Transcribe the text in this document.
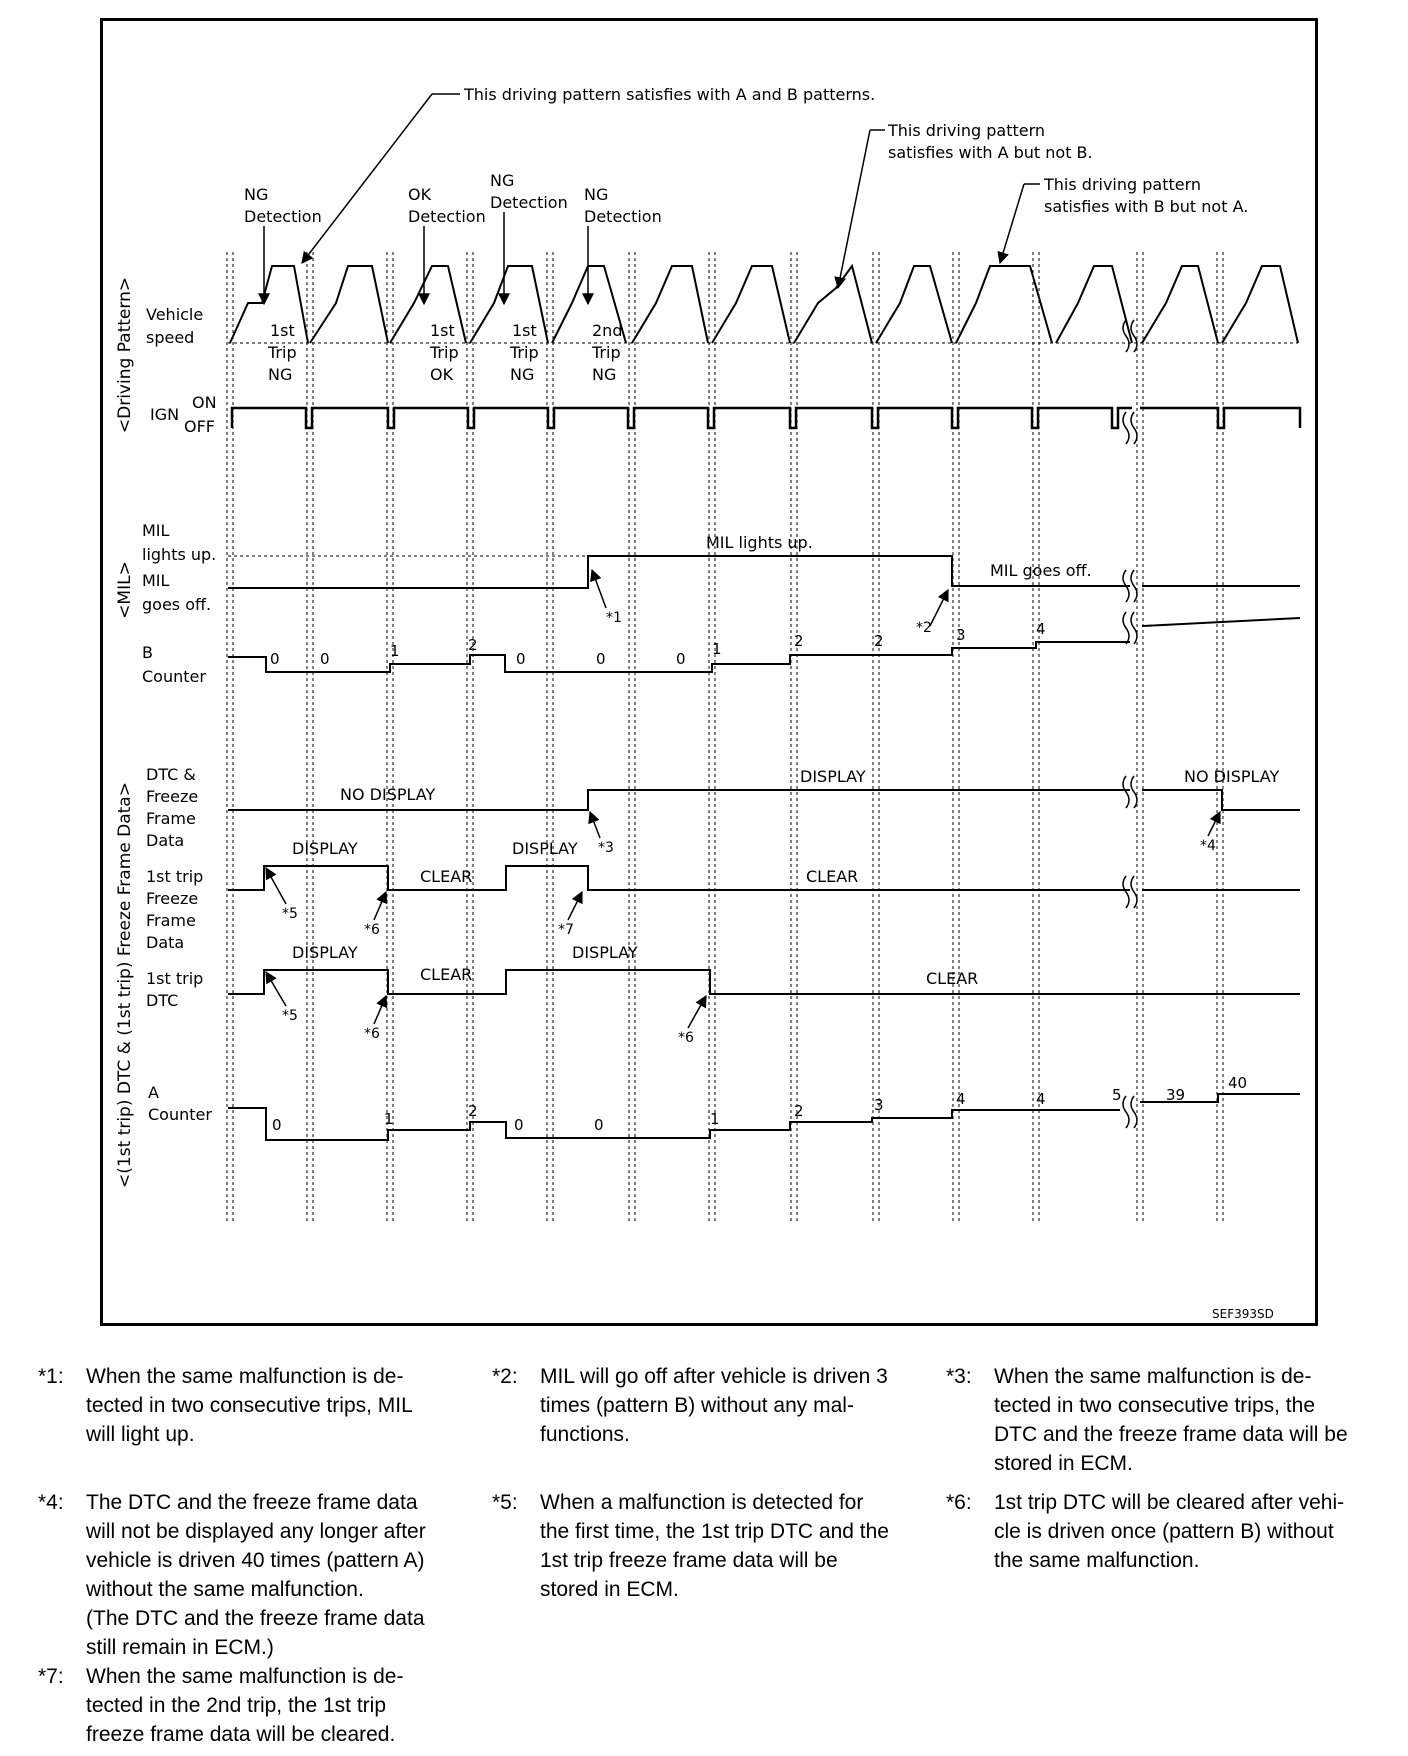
This driving pattern satisfies with A and B patterns.
This driving pattern
satisfies with A but not B.
This driving pattern
satisfies with B but not A.
NG
Detection
OK
Detection
NG
Detection NG
Detection
<Driving Pattern>
<MIL>
<(1st trip) DTC & (1st trip) Freeze Frame Data>
Vehicle
speed
IGN
ON
OFF
MIL
lights up.
MIL
goes off.
B
Counter
DTC &
Freeze
Frame
Data
1st trip
Freeze
Frame
Data
1st trip
DTC
A
Counter
1st
Trip
NG
1st
Trip
OK
1st
Trip
NG
2nd
Trip
NG
MIL lights up.
MIL goes off.
0	0	1	2
0	0	0
1	2	2	3	4
NO DISPLAY
DISPLAY	NO DISPLAY
DISPLAY
CLEAR
DISPLAY
CLEAR
DISPLAY
CLEAR
DISPLAY
CLEAR
0	1	2
0	0	1	2	3	4	4	5	39
40
*1
*2
*3	*4
*5
*6	*7
*5
*6	*6
SEF393SD
*1:	When the same malfunction is de-
tected in two consecutive trips, MIL
will light up.
*2:	MIL will go off after vehicle is driven 3
times (pattern B) without any mal-
functions.
*3:	When the same malfunction is de-
tected in two consecutive trips, the
DTC and the freeze frame data will be
stored in ECM.
*4:	The DTC and the freeze frame data
will not be displayed any longer after
vehicle is driven 40 times (pattern A)
without the same malfunction.
(The DTC and the freeze frame data
still remain in ECM.)
*5:	When a malfunction is detected for
the first time, the 1st trip DTC and the
1st trip freeze frame data will be
stored in ECM.
*6:	1st trip DTC will be cleared after vehi-
cle is driven once (pattern B) without
the same malfunction.
*7:	When the same malfunction is de-
tected in the 2nd trip, the 1st trip
freeze frame data will be cleared.
